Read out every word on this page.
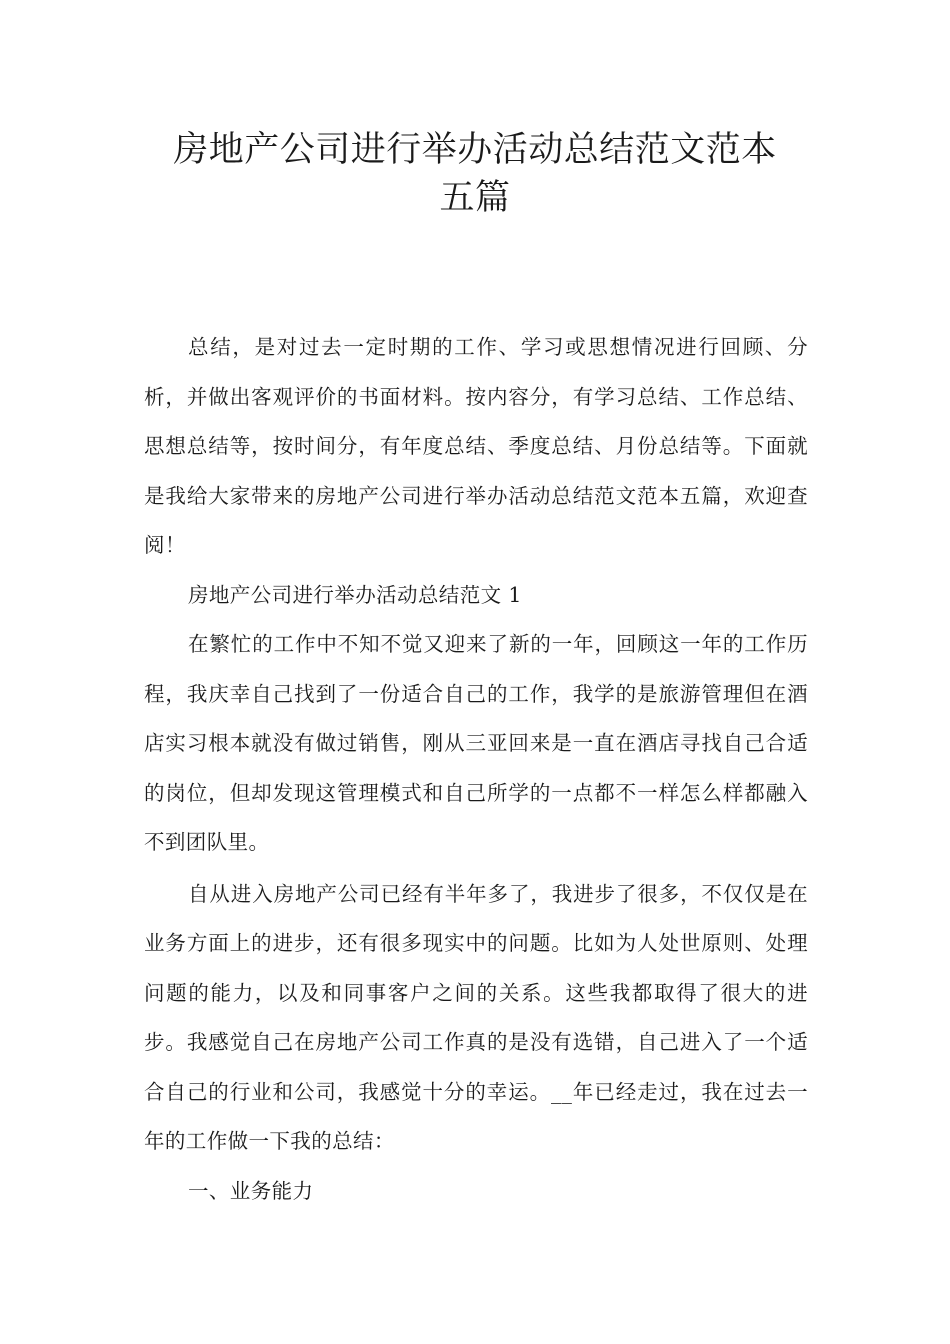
房地产公司进行举办活动总结范文范本
五篇

总结，是对过去一定时期的工作、学习或思想情况进行回顾、分析，并做出客观评价的书面材料。按内容分，有学习总结、工作总结、思想总结等，按时间分，有年度总结、季度总结、月份总结等。下面就是我给大家带来的房地产公司进行举办活动总结范文范本五篇，欢迎查阅！

房地产公司进行举办活动总结范文 1

在繁忙的工作中不知不觉又迎来了新的一年，回顾这一年的工作历程，我庆幸自己找到了一份适合自己的工作，我学的是旅游管理但在酒店实习根本就没有做过销售，刚从三亚回来是一直在酒店寻找自己合适的岗位，但却发现这管理模式和自己所学的一点都不一样怎么样都融入不到团队里。

自从进入房地产公司已经有半年多了，我进步了很多，不仅仅是在业务方面上的进步，还有很多现实中的问题。比如为人处世原则、处理问题的能力，以及和同事客户之间的关系。这些我都取得了很大的进步。我感觉自己在房地产公司工作真的是没有选错，自己进入了一个适合自己的行业和公司，我感觉十分的幸运。__年已经走过，我在过去一年的工作做一下我的总结：

一、业务能力
